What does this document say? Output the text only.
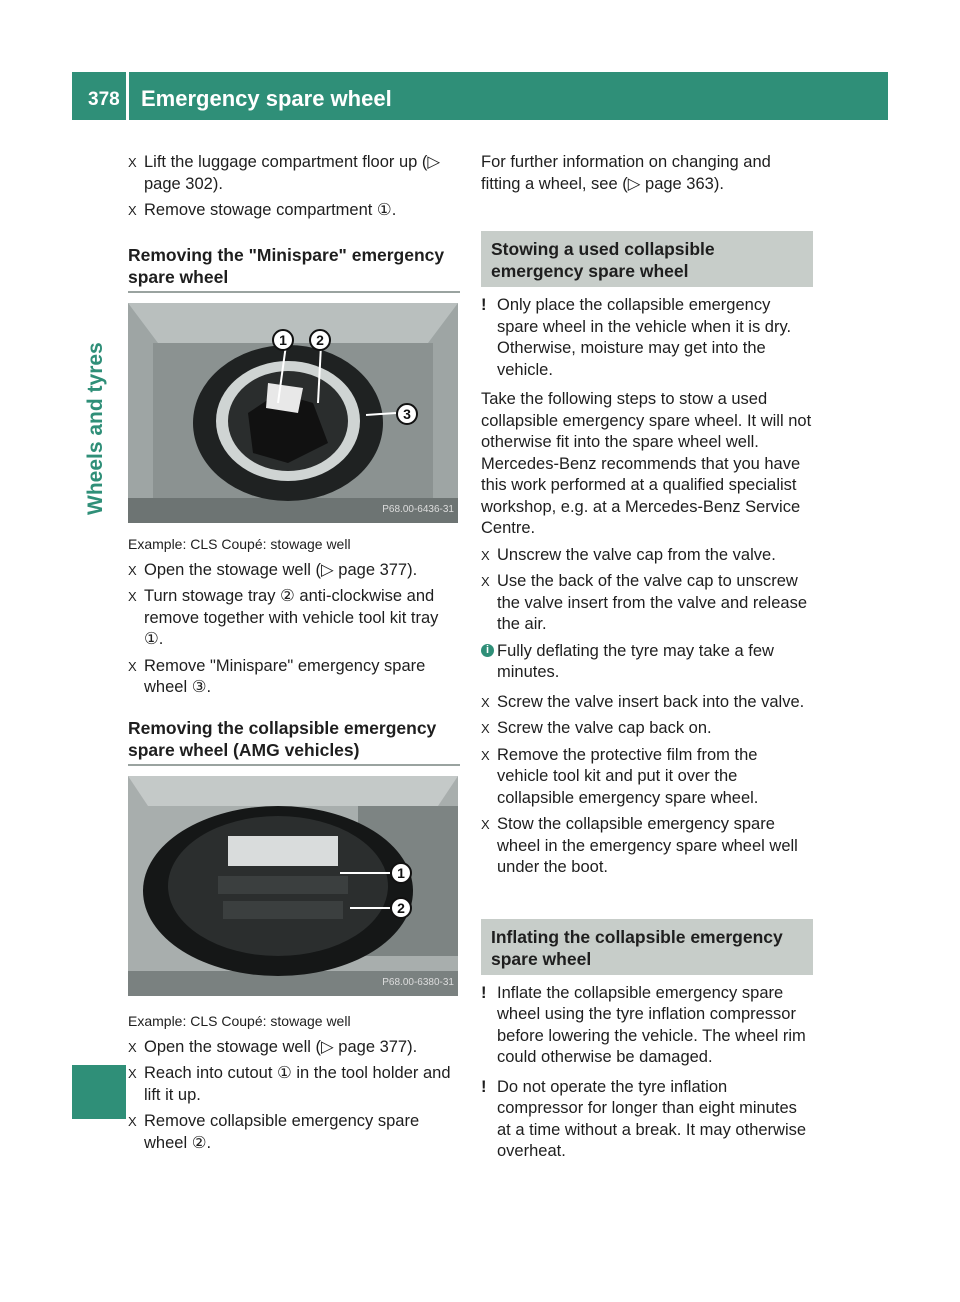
378 Emergency spare wheel
Wheels and tyres
X Lift the luggage compartment floor up (▷ page 302).
X Remove stowage compartment ①.
Removing the "Minispare" emergency spare wheel
1	2
3
P68.00-6436-31
Example: CLS Coupé: stowage well
X Open the stowage well (▷ page 377).
X Turn stowage tray ② anti-clockwise and remove together with vehicle tool kit tray ①.
X Remove "Minispare" emergency spare wheel ③.
Removing the collapsible emergency spare wheel (AMG vehicles)
1
2
P68.00-6380-31
Example: CLS Coupé: stowage well
X Open the stowage well (▷ page 377).
X Reach into cutout ① in the tool holder and lift it up.
X Remove collapsible emergency spare wheel ②.
For further information on changing and fitting a wheel, see (▷ page 363).
Stowing a used collapsible emergency spare wheel
! Only place the collapsible emergency spare wheel in the vehicle when it is dry. Otherwise, moisture may get into the vehicle.
Take the following steps to stow a used collapsible emergency spare wheel. It will not otherwise fit into the spare wheel well. Mercedes-Benz recommends that you have this work performed at a qualified specialist workshop, e.g. at a Mercedes-Benz Service Centre.
X Unscrew the valve cap from the valve.
X Use the back of the valve cap to unscrew the valve insert from the valve and release the air.
i Fully deflating the tyre may take a few minutes.
X Screw the valve insert back into the valve.
X Screw the valve cap back on.
X Remove the protective film from the vehicle tool kit and put it over the collapsible emergency spare wheel.
X Stow the collapsible emergency spare wheel in the emergency spare wheel well under the boot.
Inflating the collapsible emergency spare wheel
! Inflate the collapsible emergency spare wheel using the tyre inflation compressor before lowering the vehicle. The wheel rim could otherwise be damaged.
! Do not operate the tyre inflation compressor for longer than eight minutes at a time without a break. It may otherwise overheat.
